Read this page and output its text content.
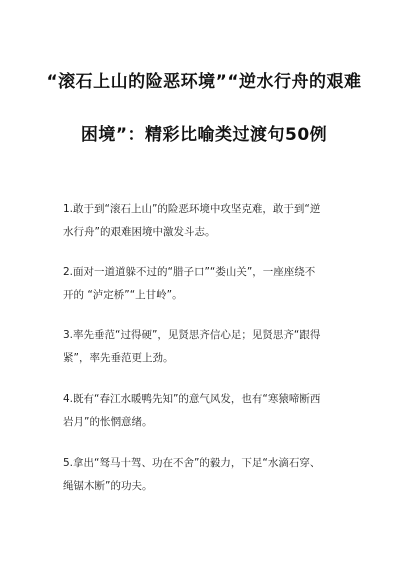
“滚石上山的险恶环境”“逆水行舟的艰难
困境”：精彩比喻类过渡句50例
1.敢于到“滚石上山”的险恶环境中攻坚克难，敢于到“逆
水行舟”的艰难困境中激发斗志。
2.面对一道道躲不过的“腊子口”“娄山关”，一座座绕不
开的 “泸定桥”“上甘岭”。
3.率先垂范“过得硬”，见贤思齐信心足；见贤思齐“跟得
紧”，率先垂范更上劲。
4.既有“春江水暖鸭先知”的意气风发，也有“寒猿啼断西
岩月”的怅惘意绪。
5.拿出“驽马十驾、功在不舍”的毅力，下足“水滴石穿、
绳锯木断”的功夫。
